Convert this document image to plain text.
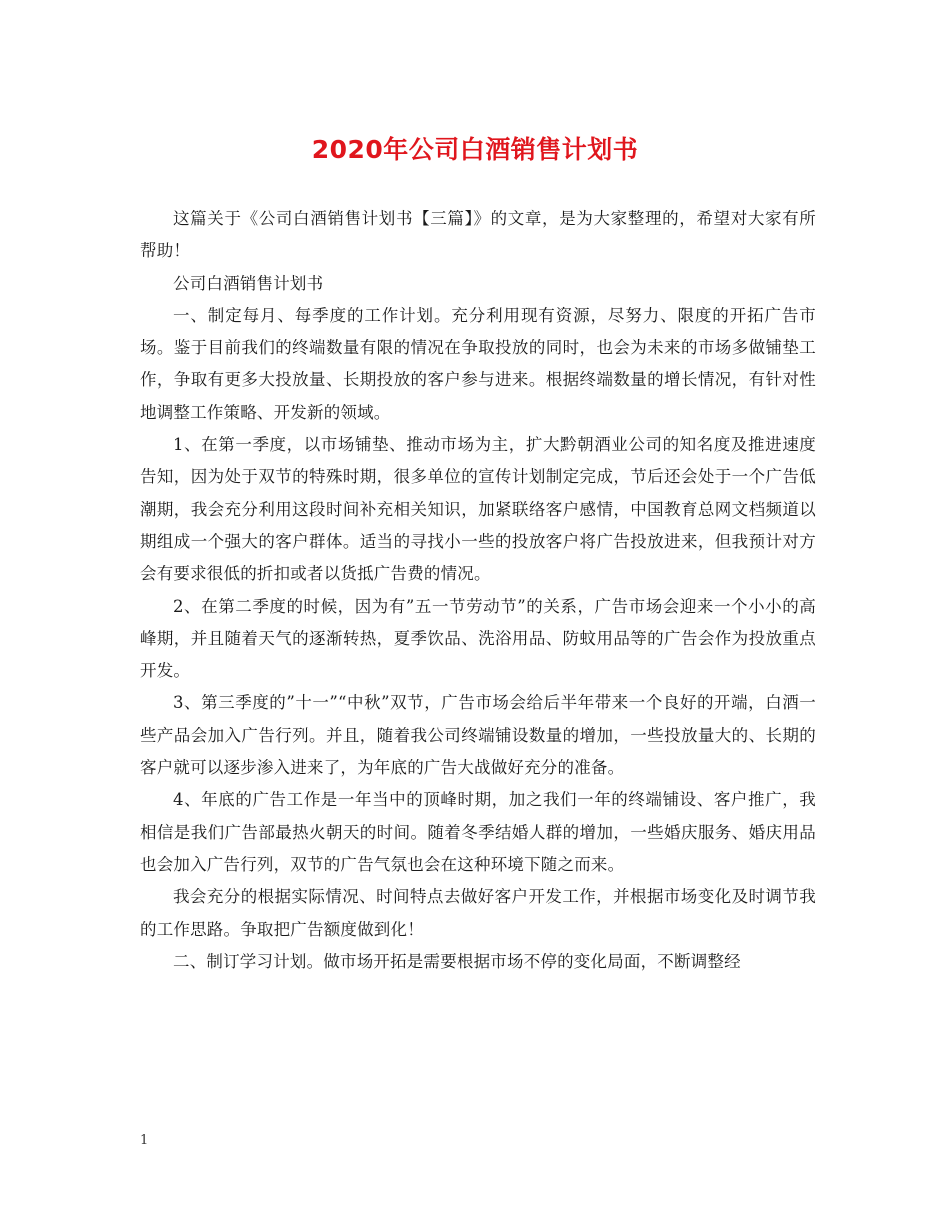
2020年公司白酒销售计划书

这篇关于《公司白酒销售计划书【三篇】》的文章，是为大家整理的，希望对大家有所帮助！

公司白酒销售计划书

一、制定每月、每季度的工作计划。充分利用现有资源，尽努力、限度的开拓广告市场。鉴于目前我们的终端数量有限的情况在争取投放的同时，也会为未来的市场多做铺垫工作，争取有更多大投放量、长期投放的客户参与进来。根据终端数量的增长情况，有针对性地调整工作策略、开发新的领域。

1、在第一季度，以市场铺垫、推动市场为主，扩大黔朝酒业公司的知名度及推进速度告知，因为处于双节的特殊时期，很多单位的宣传计划制定完成，节后还会处于一个广告低潮期，我会充分利用这段时间补充相关知识，加紧联络客户感情，中国教育总网文档频道以期组成一个强大的客户群体。适当的寻找小一些的投放客户将广告投放进来，但我预计对方会有要求很低的折扣或者以货抵广告费的情况。

2、在第二季度的时候，因为有”五一节劳动节”的关系，广告市场会迎来一个小小的高峰期，并且随着天气的逐渐转热，夏季饮品、洗浴用品、防蚊用品等的广告会作为投放重点开发。

3、第三季度的”十一”“中秋”双节，广告市场会给后半年带来一个良好的开端，白酒一些产品会加入广告行列。并且，随着我公司终端铺设数量的增加，一些投放量大的、长期的客户就可以逐步渗入进来了，为年底的广告大战做好充分的准备。

4、年底的广告工作是一年当中的顶峰时期，加之我们一年的终端铺设、客户推广，我相信是我们广告部最热火朝天的时间。随着冬季结婚人群的增加，一些婚庆服务、婚庆用品也会加入广告行列，双节的广告气氛也会在这种环境下随之而来。

我会充分的根据实际情况、时间特点去做好客户开发工作，并根据市场变化及时调节我的工作思路。争取把广告额度做到化！

二、制订学习计划。做市场开拓是需要根据市场不停的变化局面，不断调整经

1
